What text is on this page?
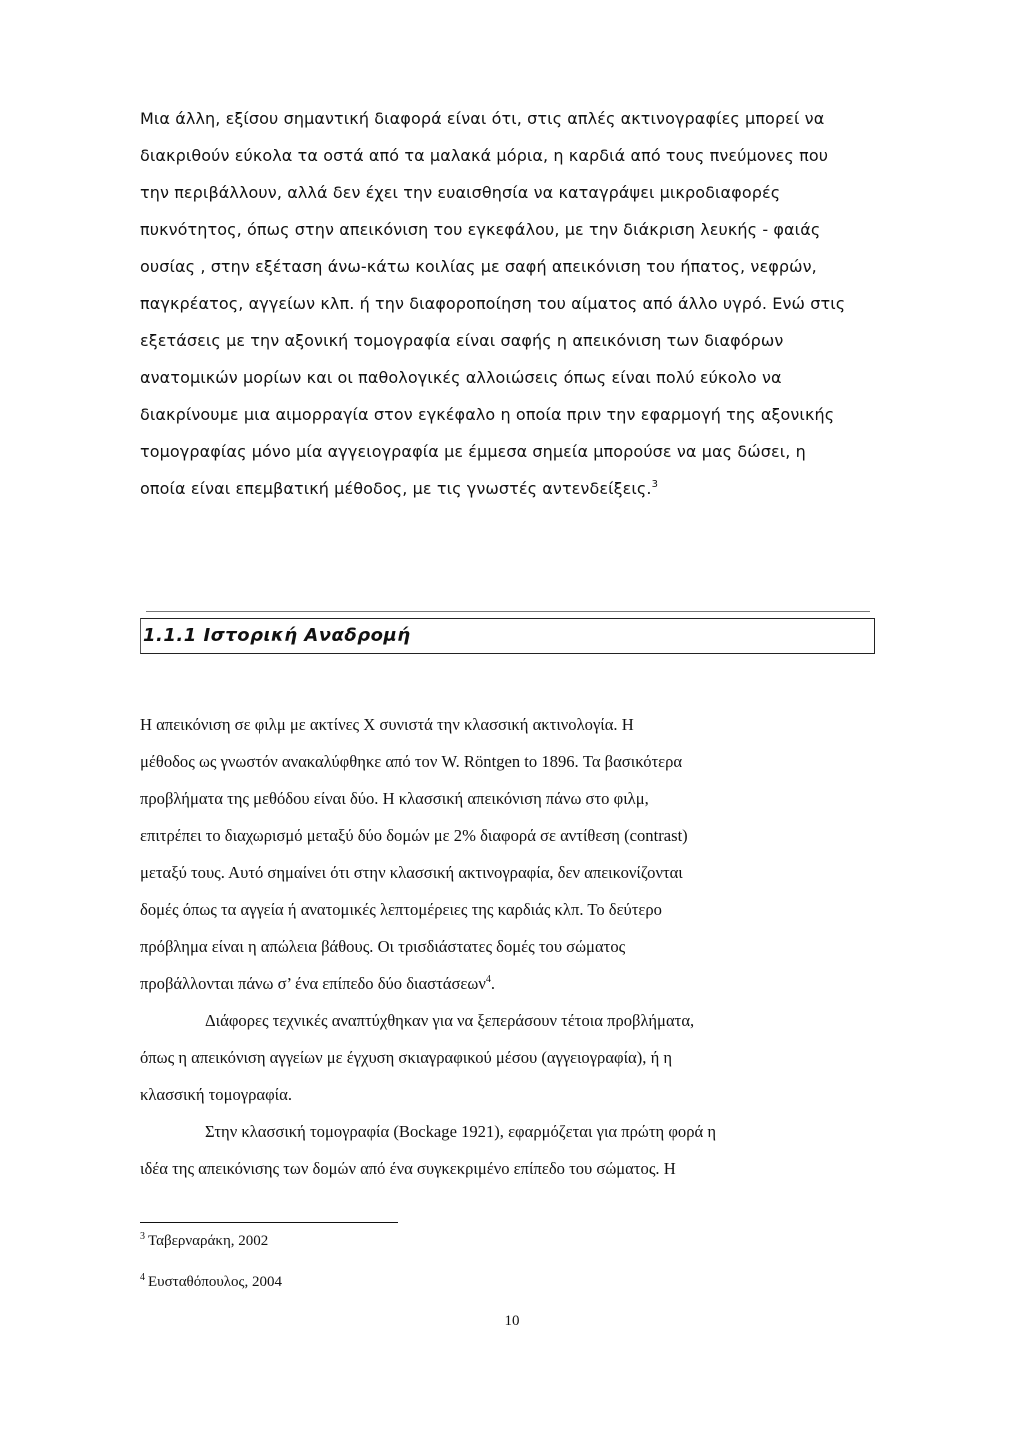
Μια άλλη, εξίσου σημαντική διαφορά είναι ότι, στις απλές ακτινογραφίες μπορεί να
διακριθούν εύκολα τα οστά από τα μαλακά μόρια, η καρδιά από τους πνεύμονες που
την περιβάλλουν, αλλά δεν έχει την ευαισθησία να καταγράψει μικροδιαφορές
πυκνότητος, όπως στην απεικόνιση του εγκεφάλου, με την διάκριση λευκής - φαιάς
ουσίας , στην εξέταση άνω-κάτω κοιλίας με σαφή απεικόνιση του ήπατος, νεφρών,
παγκρέατος, αγγείων κλπ. ή την διαφοροποίηση του αίματος από άλλο υγρό. Ενώ στις
εξετάσεις με την αξονική τομογραφία είναι σαφής η απεικόνιση των διαφόρων
ανατομικών μορίων και οι παθολογικές αλλοιώσεις όπως είναι πολύ εύκολο να
διακρίνουμε μια αιμορραγία στον εγκέφαλο η οποία πριν την εφαρμογή της αξονικής
τομογραφίας μόνο μία αγγειογραφία με έμμεσα σημεία μπορούσε να μας δώσει, η
οποία είναι επεμβατική μέθοδος, με τις γνωστές αντενδείξεις.$^3$
1.1.1 Ιστορική Αναδρομή
Η απεικόνιση σε φιλμ με ακτίνες Χ συνιστά την κλασσική ακτινολογία. Η
μέθοδος ως γνωστόν ανακαλύφθηκε από τον W. Röntgen to 1896. Τα βασικότερα
προβλήματα της μεθόδου είναι δύο. Η κλασσική απεικόνιση πάνω στο φιλμ,
επιτρέπει το διαχωρισμό μεταξύ δύο δομών με 2% διαφορά σε αντίθεση (contrast)
μεταξύ τους. Αυτό σημαίνει ότι στην κλασσική ακτινογραφία, δεν απεικονίζονται
δομές όπως τα αγγεία ή ανατομικές λεπτομέρειες της καρδιάς κλπ. Το δεύτερο
πρόβλημα είναι η απώλεια βάθους. Οι τρισδιάστατες δομές του σώματος
προβάλλονται πάνω σ’ ένα επίπεδο δύο διαστάσεων$^4$.
Διάφορες τεχνικές αναπτύχθηκαν για να ξεπεράσουν τέτοια προβλήματα,
όπως η απεικόνιση αγγείων με έγχυση σκιαγραφικού μέσου (αγγειογραφία), ή η
κλασσική τομογραφία.
Στην κλασσική τομογραφία (Bockage 1921), εφαρμόζεται για πρώτη φορά η
ιδέα της απεικόνισης των δομών από ένα συγκεκριμένο επίπεδο του σώματος. Η
$^3$ Ταβερναράκη, 2002
$^4$ Ευσταθόπουλος, 2004
10
